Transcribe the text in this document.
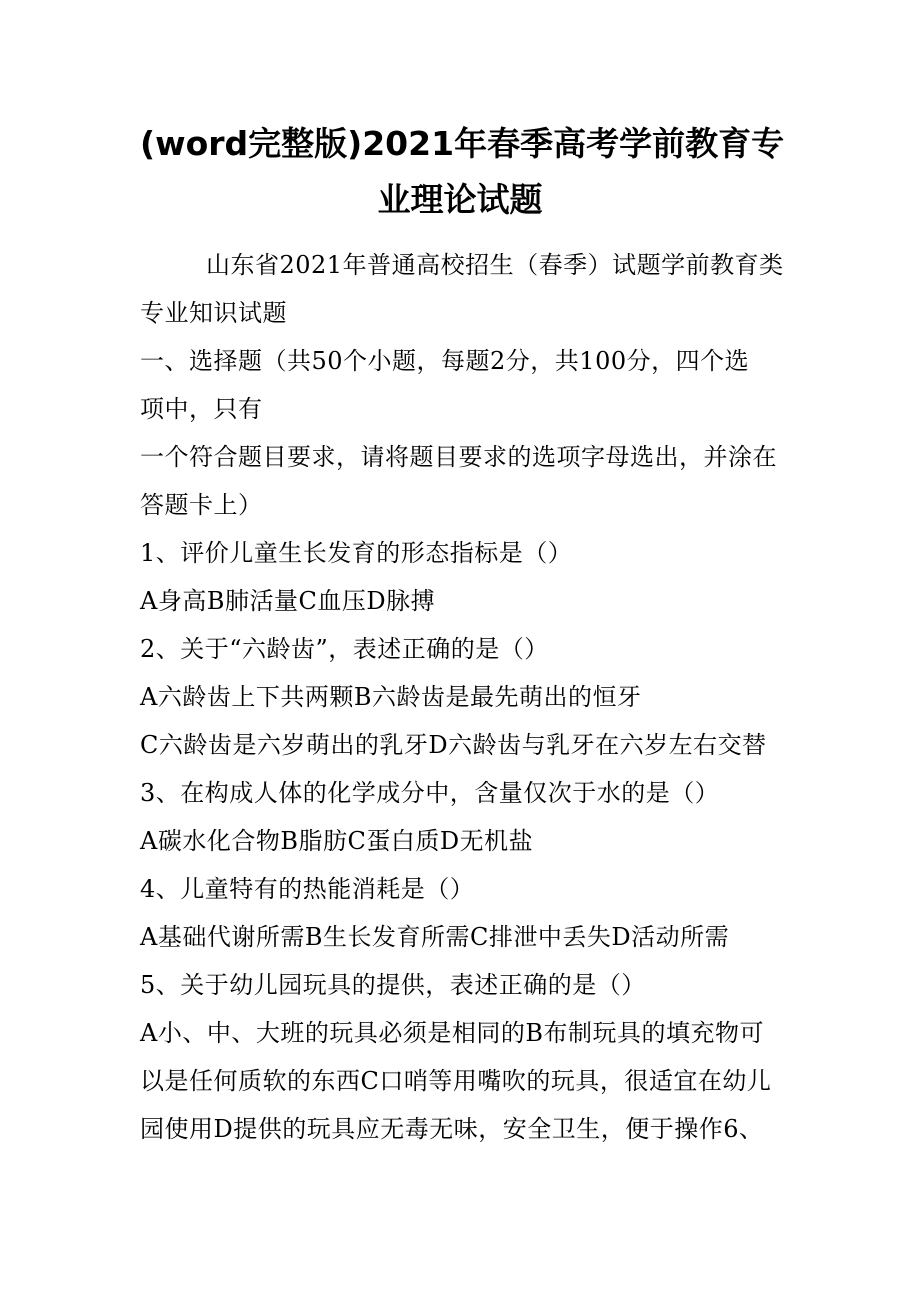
(word完整版)2021年春季高考学前教育专
业理论试题
山东省2021年普通高校招生（春季）试题学前教育类
专业知识试题
一、选择题（共50个小题，每题2分，共100分，四个选
项中，只有
一个符合题目要求，请将题目要求的选项字母选出，并涂在
答题卡上）
1、评价儿童生长发育的形态指标是（）
A身高B肺活量C血压D脉搏
2、关于“六龄齿”，表述正确的是（）
A六龄齿上下共两颗B六龄齿是最先萌出的恒牙
C六龄齿是六岁萌出的乳牙D六龄齿与乳牙在六岁左右交替
3、在构成人体的化学成分中，含量仅次于水的是（）
A碳水化合物B脂肪C蛋白质D无机盐
4、儿童特有的热能消耗是（）
A基础代谢所需B生长发育所需C排泄中丢失D活动所需
5、关于幼儿园玩具的提供，表述正确的是（）
A小、中、大班的玩具必须是相同的B布制玩具的填充物可
以是任何质软的东西C口哨等用嘴吹的玩具，很适宜在幼儿
园使用D提供的玩具应无毒无味，安全卫生，便于操作6、
